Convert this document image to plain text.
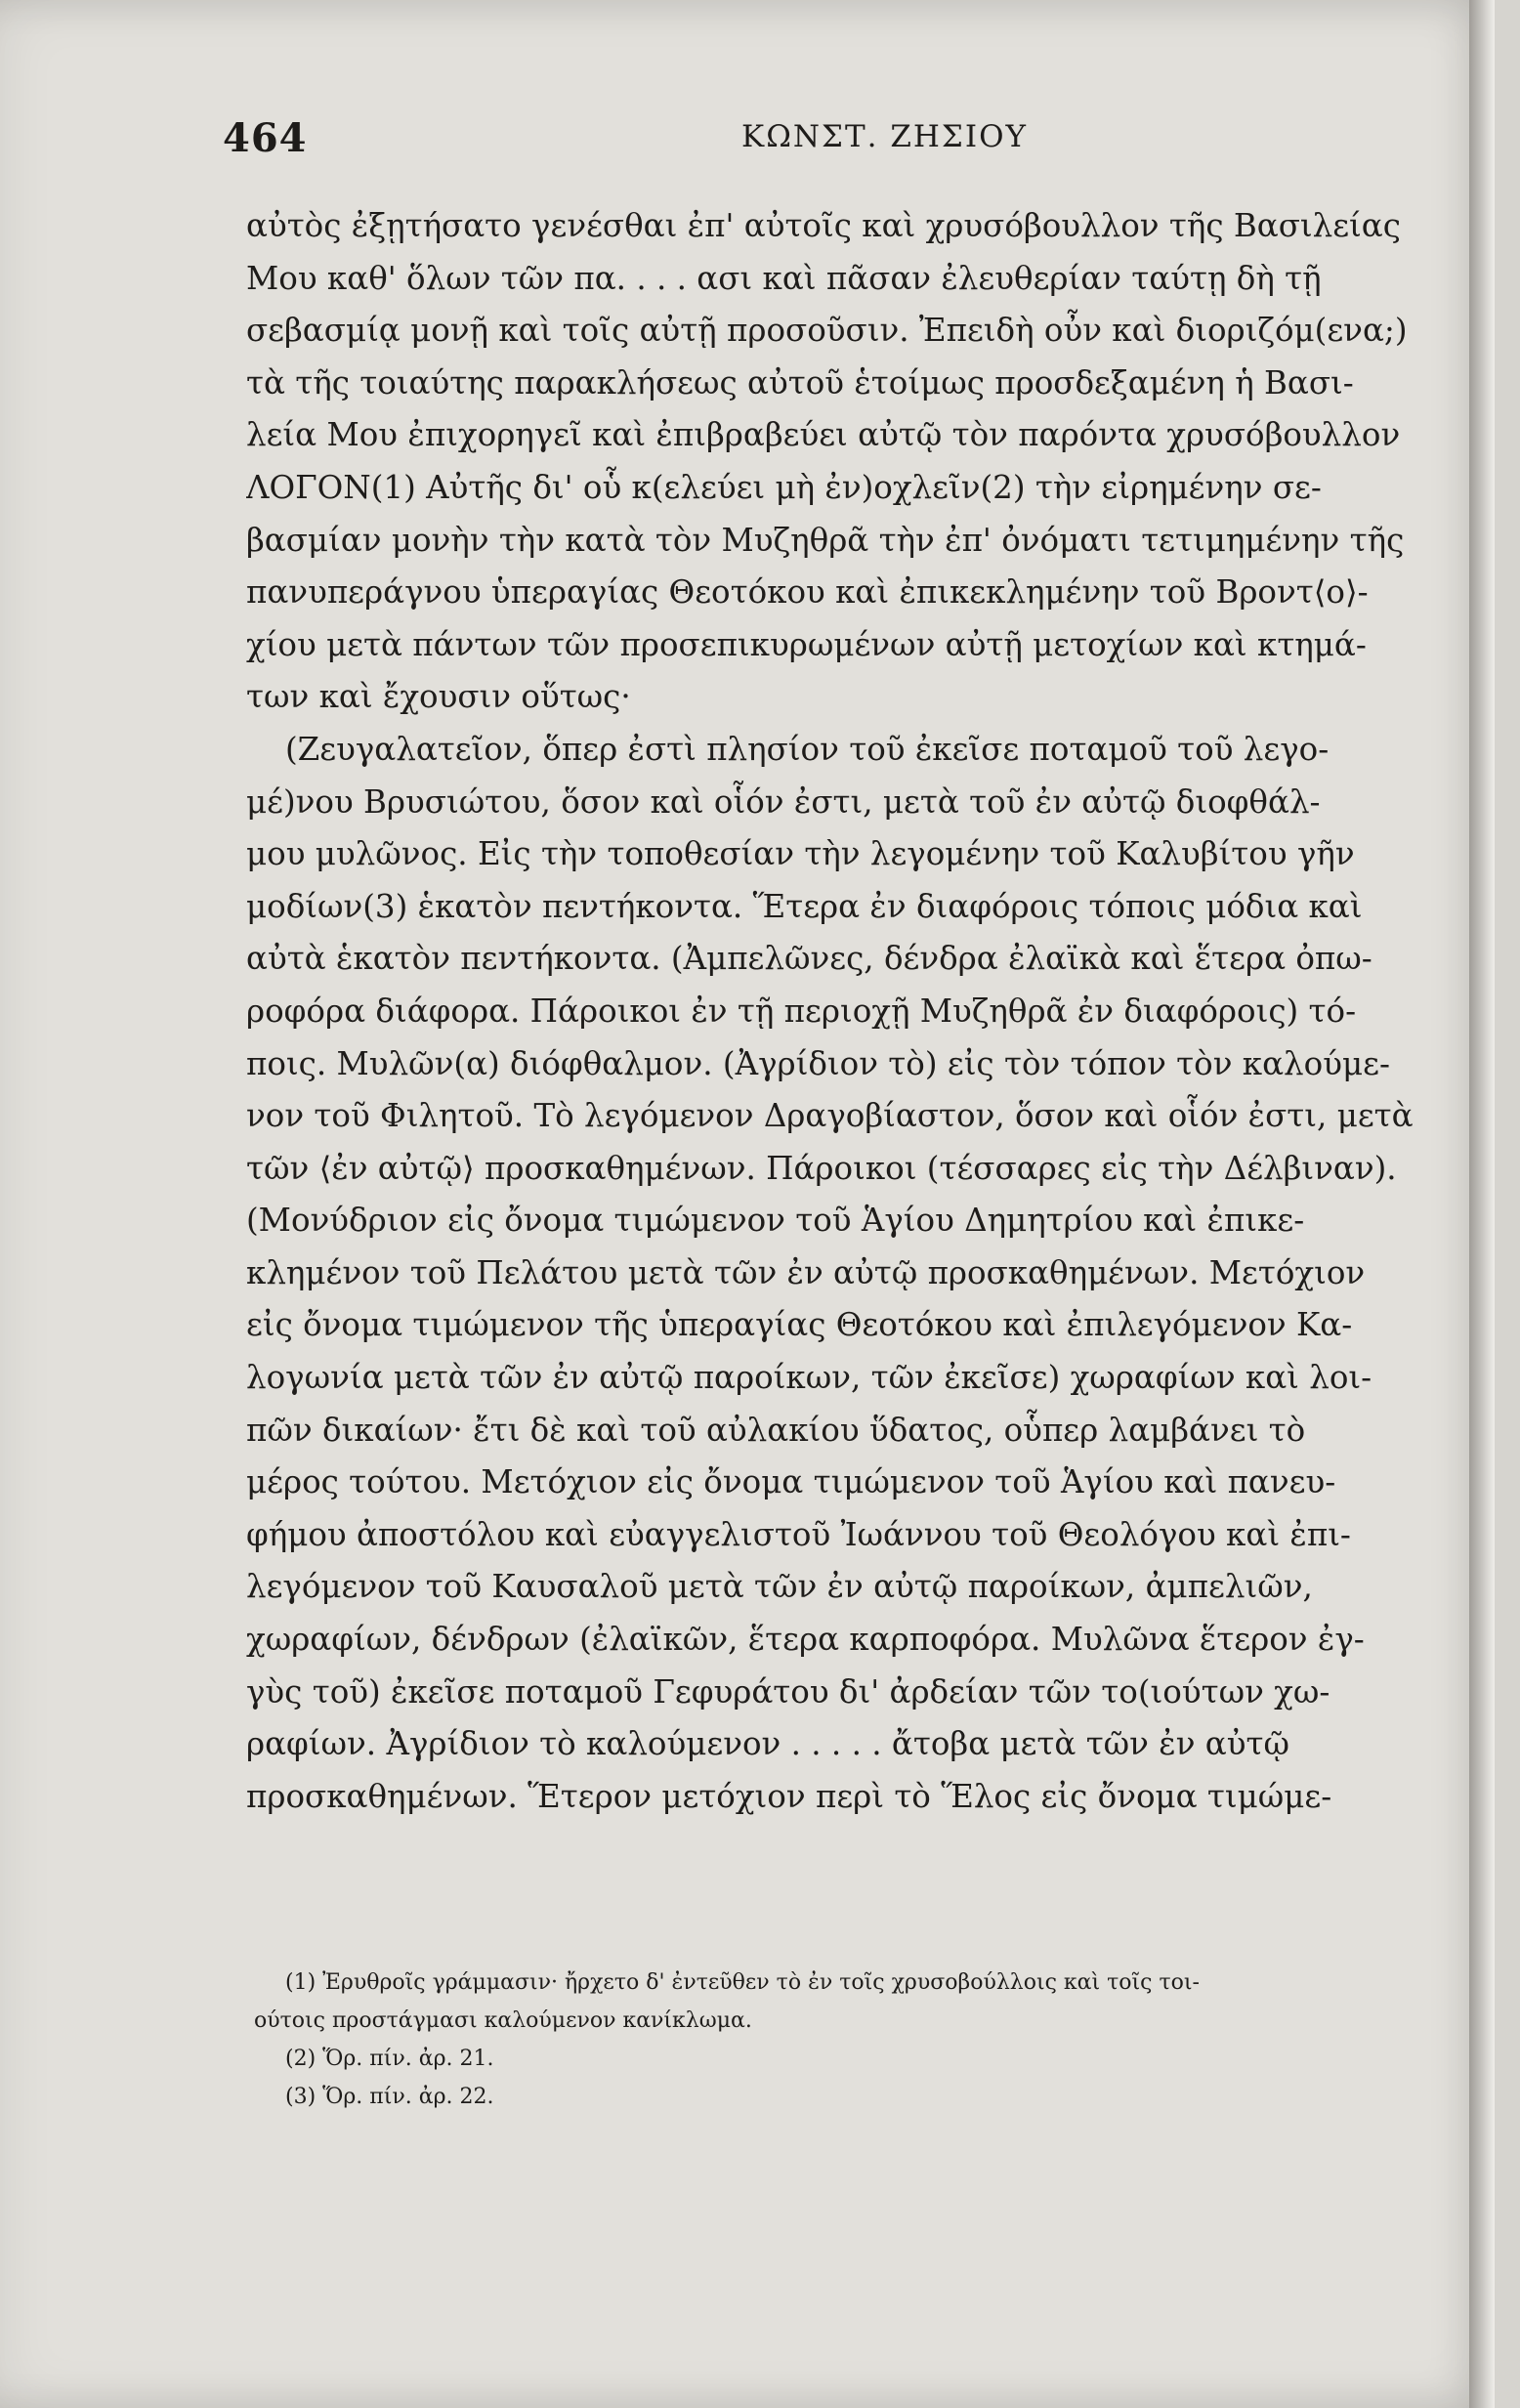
464	ΚΩΝΣΤ. ΖΗΣΙΟΥ
αὐτὸς ἐξῃτήσατο γενέσθαι ἐπ' αὐτοῖς καὶ χρυσόβουλλον τῆς Βασιλείας
Μου καθ' ὅλων τῶν πα. . . . ασι καὶ πᾶσαν ἐλευθερίαν ταύτῃ δὴ τῇ
σεβασμίᾳ μονῇ καὶ τοῖς αὐτῇ προσοῦσιν. Ἐπειδὴ οὖν καὶ διοριζόμ(ενα;)
τὰ τῆς τοιαύτης παρακλήσεως αὐτοῦ ἑτοίμως προσδεξαμένη ἡ Βασι-
λεία Μου ἐπιχορηγεῖ καὶ ἐπιβραβεύει αὐτῷ τὸν παρόντα χρυσόβουλλον
ΛΟΓΟΝ(1) Αὐτῆς δι' οὗ κ(ελεύει μὴ ἐν)οχλεῖν(2) τὴν εἰρημένην σε-
βασμίαν μονὴν τὴν κατὰ τὸν Μυζηθρᾶ τὴν ἐπ' ὀνόματι τετιμημένην τῆς
πανυπεράγνου ὑπεραγίας Θεοτόκου καὶ ἐπικεκλημένην τοῦ Βροντ⟨ο⟩-
χίου μετὰ πάντων τῶν προσεπικυρωμένων αὐτῇ μετοχίων καὶ κτημά-
των καὶ ἔχουσιν οὕτως·
(Ζευγαλατεῖον, ὅπερ ἐστὶ πλησίον τοῦ ἐκεῖσε ποταμοῦ τοῦ λεγο-
μέ)νου Βρυσιώτου, ὅσον καὶ οἷόν ἐστι, μετὰ τοῦ ἐν αὐτῷ διοφθάλ-
μου μυλῶνος. Εἰς τὴν τοποθεσίαν τὴν λεγομένην τοῦ Καλυβίτου γῆν
μοδίων(3) ἑκατὸν πεντήκοντα. Ἕτερα ἐν διαφόροις τόποις μόδια καὶ
αὐτὰ ἑκατὸν πεντήκοντα. (Ἀμπελῶνες, δένδρα ἐλαϊκὰ καὶ ἕτερα ὀπω-
ροφόρα διάφορα. Πάροικοι ἐν τῇ περιοχῇ Μυζηθρᾶ ἐν διαφόροις) τό-
ποις. Μυλῶν(α) διόφθαλμον. (Ἀγρίδιον τὸ) εἰς τὸν τόπον τὸν καλούμε-
νον τοῦ Φιλητοῦ. Τὸ λεγόμενον Δραγοβίαστον, ὅσον καὶ οἷόν ἐστι, μετὰ
τῶν ⟨ἐν αὐτῷ⟩ προσκαθημένων. Πάροικοι (τέσσαρες εἰς τὴν Δέλβιναν).
(Μονύδριον εἰς ὄνομα τιμώμενον τοῦ Ἁγίου Δημητρίου καὶ ἐπικε-
κλημένον τοῦ Πελάτου μετὰ τῶν ἐν αὐτῷ προσκαθημένων. Μετόχιον
εἰς ὄνομα τιμώμενον τῆς ὑπεραγίας Θεοτόκου καὶ ἐπιλεγόμενον Κα-
λογωνία μετὰ τῶν ἐν αὐτῷ παροίκων, τῶν ἐκεῖσε) χωραφίων καὶ λοι-
πῶν δικαίων· ἔτι δὲ καὶ τοῦ αὐλακίου ὕδατος, οὗπερ λαμβάνει τὸ
μέρος τούτου. Μετόχιον εἰς ὄνομα τιμώμενον τοῦ Ἁγίου καὶ πανευ-
φήμου ἀποστόλου καὶ εὐαγγελιστοῦ Ἰωάννου τοῦ Θεολόγου καὶ ἐπι-
λεγόμενον τοῦ Καυσαλοῦ μετὰ τῶν ἐν αὐτῷ παροίκων, ἀμπελιῶν,
χωραφίων, δένδρων (ἐλαϊκῶν, ἕτερα καρποφόρα. Μυλῶνα ἕτερον ἐγ-
γὺς τοῦ) ἐκεῖσε ποταμοῦ Γεφυράτου δι' ἀρδείαν τῶν το(ιούτων χω-
ραφίων. Ἀγρίδιον τὸ καλούμενον . . . . . ἄτοβα μετὰ τῶν ἐν αὐτῷ
προσκαθημένων. Ἕτερον μετόχιον περὶ τὸ Ἕλος εἰς ὄνομα τιμώμε-
(1) Ἐρυθροῖς γράμμασιν· ἤρχετο δ' ἐντεῦθεν τὸ ἐν τοῖς χρυσοβούλλοις καὶ τοῖς τοι-
ούτοις προστάγμασι καλούμενον κανίκλωμα.
(2) Ὅρ. πίν. ἀρ. 21.
(3) Ὅρ. πίν. ἀρ. 22.
